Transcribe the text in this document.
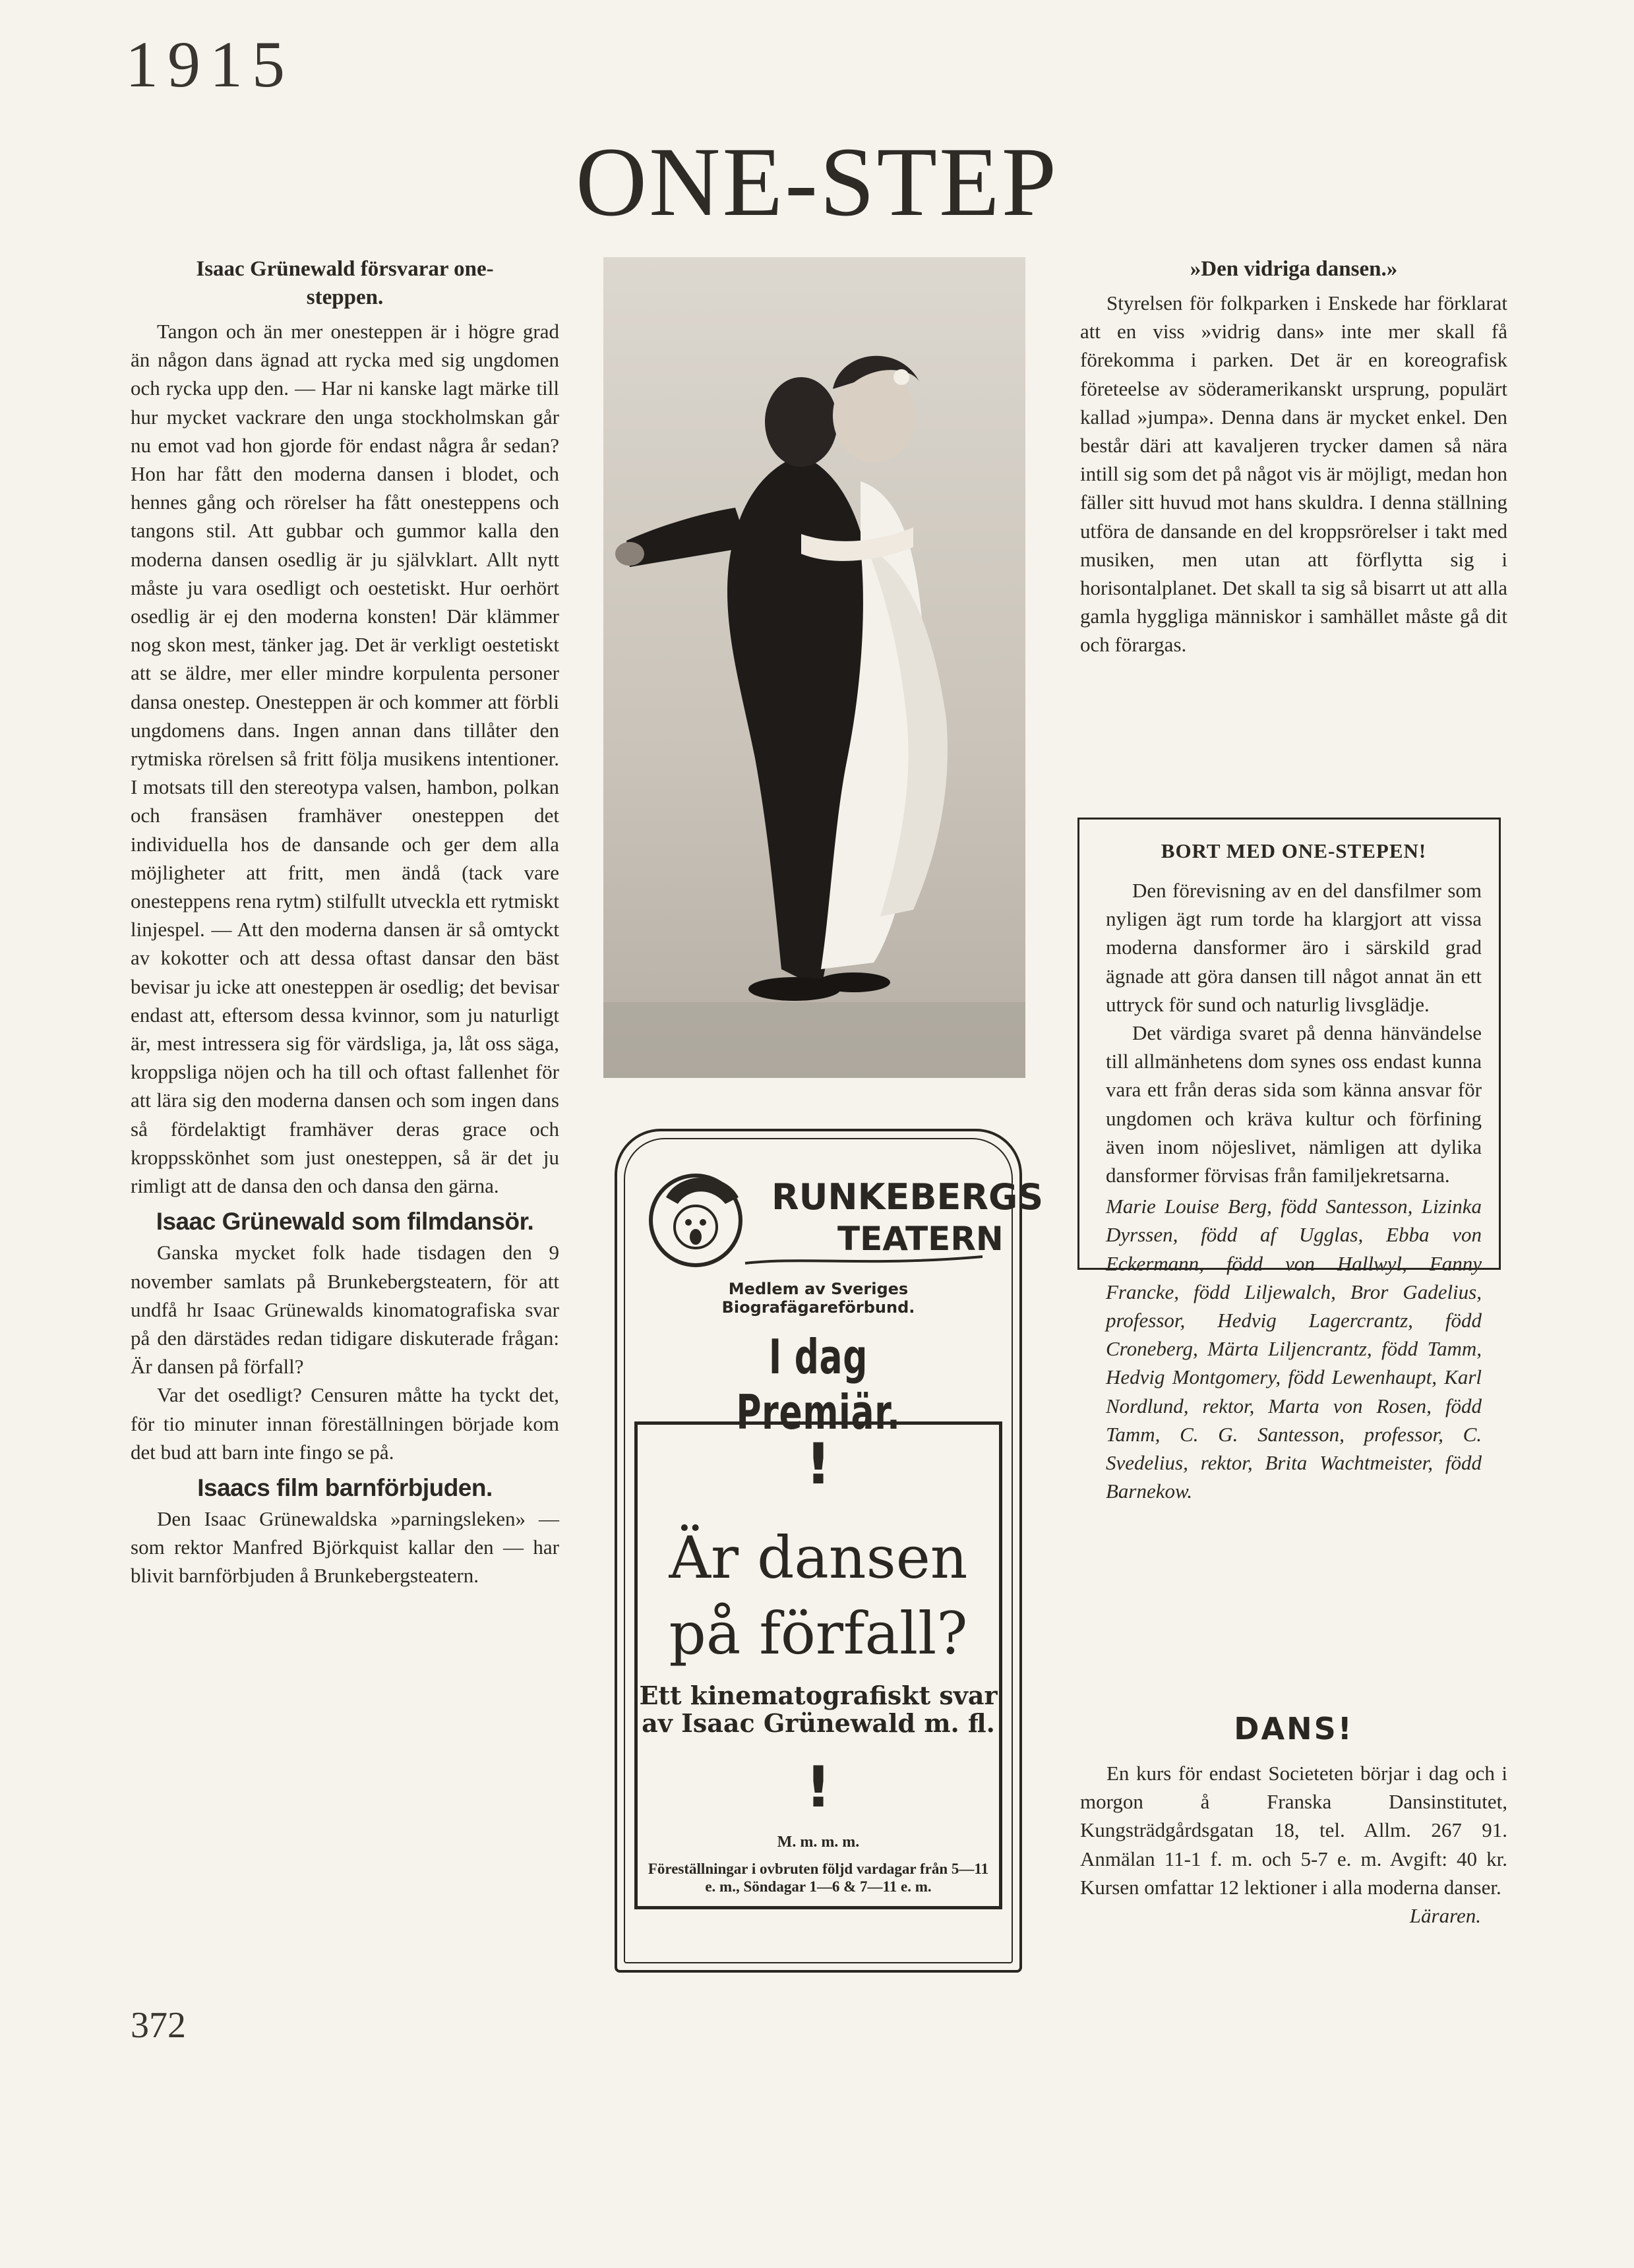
1915
ONE-STEP
Isaac Grünewald försvarar one-steppen.

Tangon och än mer onesteppen är i högre grad än någon dans ägnad att rycka med sig ungdomen och rycka upp den. — Har ni kanske lagt märke till hur mycket vackrare den unga stockholmskan går nu emot vad hon gjorde för endast några år sedan? Hon har fått den moderna dansen i blodet, och hennes gång och rörelser ha fått onesteppens och tangons stil. Att gubbar och gummor kalla den moderna dansen osedlig är ju självklart. Allt nytt måste ju vara osedligt och oestetiskt. Hur oerhört osedlig är ej den moderna konsten! Där klämmer nog skon mest, tänker jag. Det är verkligt oestetiskt att se äldre, mer eller mindre korpulenta personer dansa onestep. Onesteppen är och kommer att förbli ungdomens dans. Ingen annan dans tillåter den rytmiska rörelsen så fritt följa musikens intentioner. I motsats till den stereotypa valsen, hambon, polkan och fransäsen framhäver onesteppen det individuella hos de dansande och ger dem alla möjligheter att fritt, men ändå (tack vare onesteppens rena rytm) stilfullt utveckla ett rytmiskt linjespel. — Att den moderna dansen är så omtyckt av kokotter och att dessa oftast dansar den bäst bevisar ju icke att onesteppen är osedlig; det bevisar endast att, eftersom dessa kvinnor, som ju naturligt är, mest intressera sig för värdsliga, ja, låt oss säga, kroppsliga nöjen och ha till och oftast fallenhet för att lära sig den moderna dansen och som ingen dans så fördelaktigt framhäver deras grace och kroppsskönhet som just onesteppen, så är det ju rimligt att de dansa den och dansa den gärna.

Isaac Grünewald som filmdansör.

Ganska mycket folk hade tisdagen den 9 november samlats på Brunkebergsteatern, för att undfå hr Isaac Grünewalds kinomatografiska svar på den därstädes redan tidigare diskuterade frågan: Är dansen på förfall?

Var det osedligt? Censuren måtte ha tyckt det, för tio minuter innan föreställningen började kom det bud att barn inte fingo se på.

Isaacs film barnförbjuden.

Den Isaac Grünewaldska »parningsleken» — som rektor Manfred Björkquist kallar den — har blivit barnförbjuden å Brunkebergsteatern.

RUNKEBERGS
TEATERN
Medlem av Sveriges Biografägareförbund.
I dag Premiär.
!
Är dansen
på förfall?
Ett kinematografiskt svar av Isaac Grünewald m. fl.
!
M. m. m. m.
Föreställningar i ovbruten följd vardagar från 5—11 e. m., Söndagar 1—6 & 7—11 e. m.
»Den vidriga dansen.»

Styrelsen för folkparken i Enskede har förklarat att en viss »vidrig dans» inte mer skall få förekomma i parken. Det är en koreografisk företeelse av söderamerikanskt ursprung, populärt kallad »jumpa». Denna dans är mycket enkel. Den består däri att kavaljeren trycker damen så nära intill sig som det på något vis är möjligt, medan hon fäller sitt huvud mot hans skuldra. I denna ställning utföra de dansande en del kroppsrörelser i takt med musiken, men utan att förflytta sig i horisontalplanet. Det skall ta sig så bisarrt ut att alla gamla hyggliga människor i samhället måste gå dit och förargas.

BORT MED ONE-STEPEN!

Den förevisning av en del dansfilmer som nyligen ägt rum torde ha klargjort att vissa moderna dansformer äro i särskild grad ägnade att göra dansen till något annat än ett uttryck för sund och naturlig livsglädje.

Det värdiga svaret på denna hänvändelse till allmänhetens dom synes oss endast kunna vara ett från deras sida som känna ansvar för ungdomen och kräva kultur och förfining även inom nöjeslivet, nämligen att dylika dansformer förvisas från familjekretsarna.

Marie Louise Berg, född Santesson, Lizinka Dyrssen, född af Ugglas, Ebba von Eckermann, född von Hallwyl, Fanny Francke, född Liljewalch, Bror Gadelius, professor, Hedvig Lagercrantz, född Croneberg, Märta Liljencrantz, född Tamm, Hedvig Montgomery, född Lewenhaupt, Karl Nordlund, rektor, Marta von Rosen, född Tamm, C. G. Santesson, professor, C. Svedelius, rektor, Brita Wachtmeister, född Barnekow.

DANS!

En kurs för endast Societeten börjar i dag och i morgon å Franska Dansinstitutet, Kungsträdgårdsgatan 18, tel. Allm. 267 91. Anmälan 11-1 f. m. och 5-7 e. m. Avgift: 40 kr. Kursen omfattar 12 lektioner i alla moderna danser.

Läraren.

372
